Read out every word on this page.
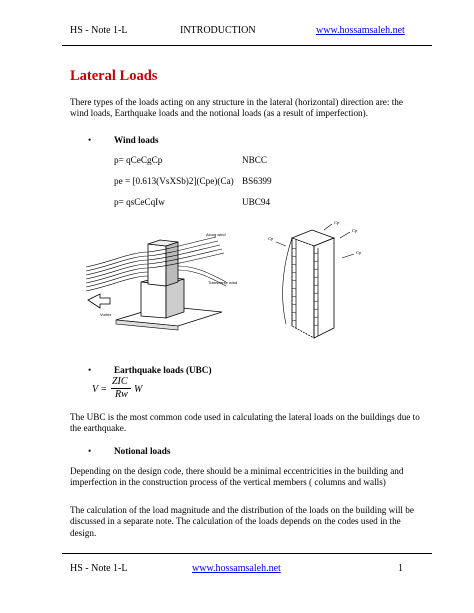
HS - Note 1-L	INTRODUCTION	www.hossamsaleh.net
Lateral Loads
There types of the loads acting on any structure in the lateral (horizontal) direction are: the wind loads, Earthquake loads and the notional loads (as a result of imperfection).
• Wind loads
p= qCeCgCp	NBCC
pe = [0.613(VsXSb)2](Cpe)(Ca) BS6399
p= qsCeCqIw	UBC94
Along wind
Transverse wind
Vortex
Cp
Cp
Cp
Cp
• Earthquake loads (UBC)
V =
ZIC
Rw W
The UBC is the most common code used in calculating the lateral loads on the buildings due to the earthquake.
• Notional loads
Depending on the design code, there should be a minimal eccentricities in the building and imperfection in the construction process of the vertical members ( columns and walls)
The calculation of the load magnitude and the distribution of the loads on the building will be discussed in a separate note. The calculation of the loads depends on the codes used in the design.
HS - Note 1-L	www.hossamsaleh.net	1
